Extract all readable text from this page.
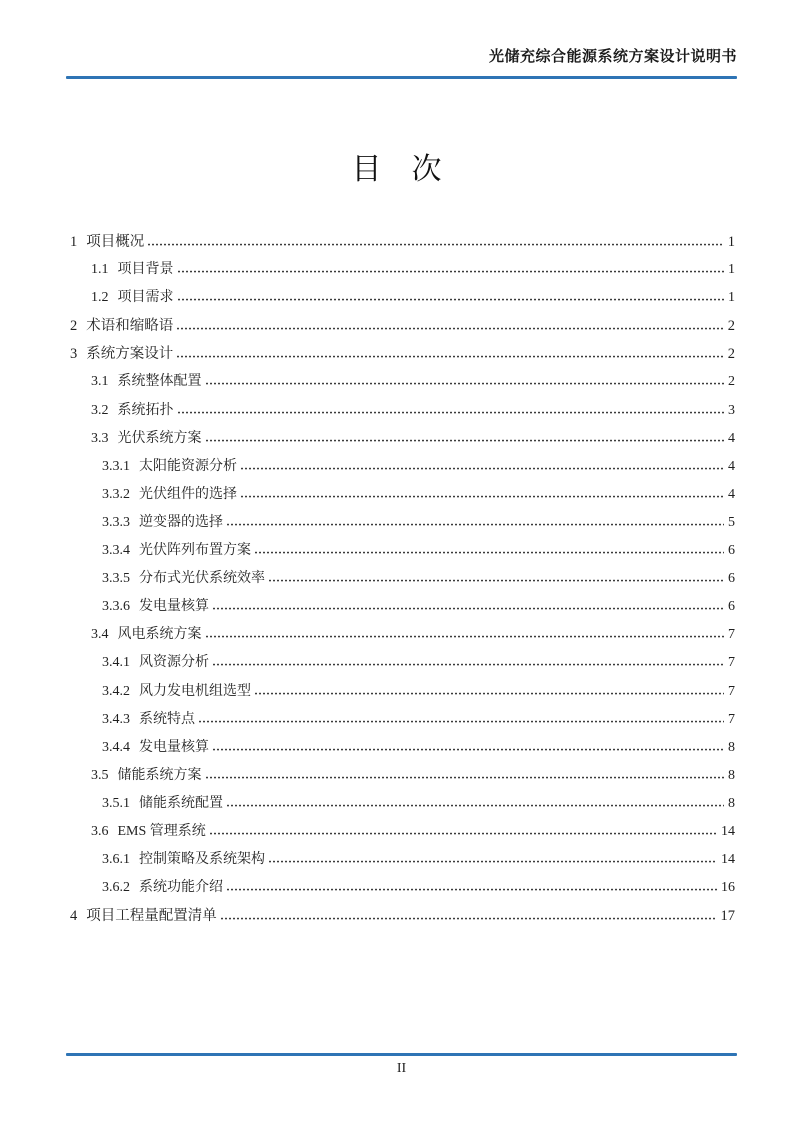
光储充综合能源系统方案设计说明书
目　次
1 项目概况	1
1.1 项目背景	1
1.2 项目需求	1
2 术语和缩略语	2
3 系统方案设计	2
3.1 系统整体配置	2
3.2 系统拓扑	3
3.3 光伏系统方案	4
3.3.1 太阳能资源分析	4
3.3.2 光伏组件的选择	4
3.3.3 逆变器的选择	5
3.3.4 光伏阵列布置方案	6
3.3.5 分布式光伏系统效率	6
3.3.6 发电量核算	6
3.4 风电系统方案	7
3.4.1 风资源分析	7
3.4.2 风力发电机组选型	7
3.4.3 系统特点	7
3.4.4 发电量核算	8
3.5 储能系统方案	8
3.5.1 储能系统配置	8
3.6 EMS 管理系统	14
3.6.1 控制策略及系统架构	14
3.6.2 系统功能介绍	16
4 项目工程量配置清单	17
II
